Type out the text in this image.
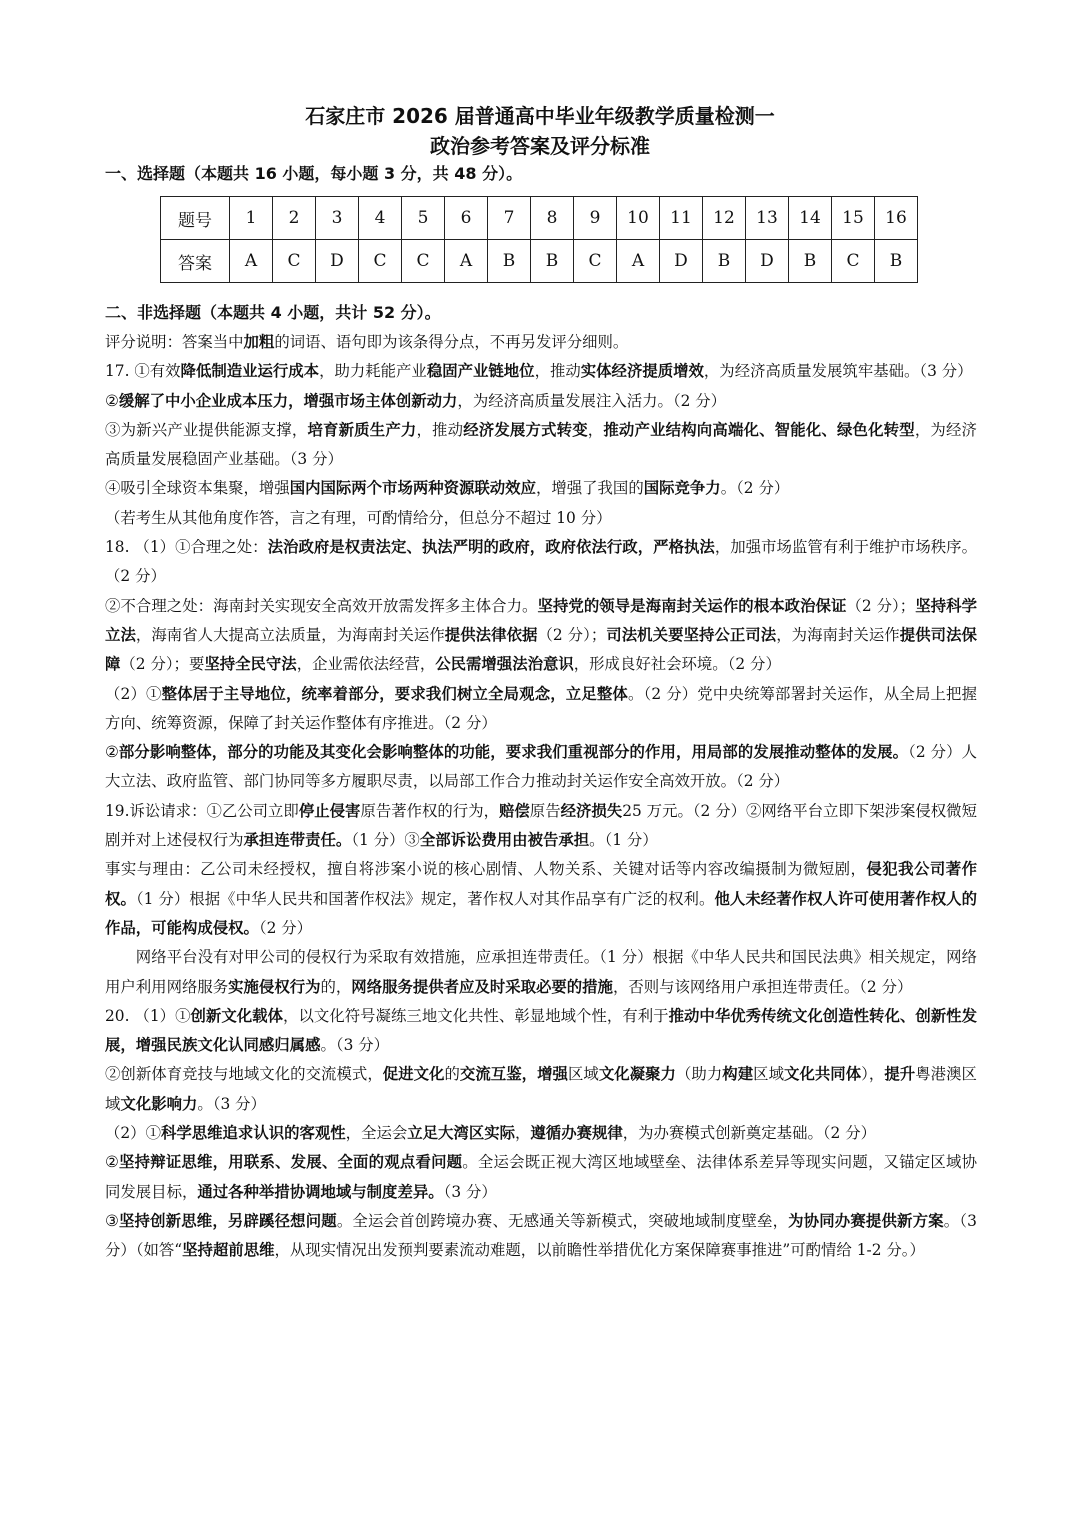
石家庄市 2026 届普通高中毕业年级教学质量检测一
政治参考答案及评分标准
一、选择题（本题共 16 小题，每小题 3 分，共 48 分）。
题号	1	2	3	4	5	6	7	8	9	10	11	12	13	14	15	16
答案	A	C	D	C	C	A	B	B	C	A	D	B	D	B	C	B
二、非选择题（本题共 4 小题，共计 52 分）。

评分说明：答案当中加粗的词语、语句即为该条得分点，不再另发评分细则。

17. ①有效降低制造业运行成本，助力耗能产业稳固产业链地位，推动实体经济提质增效，为经济高质量发展筑牢基础。（3 分）

②缓解了中小企业成本压力，增强市场主体创新动力，为经济高质量发展注入活力。（2 分）

③为新兴产业提供能源支撑，培育新质生产力，推动经济发展方式转变，推动产业结构向高端化、智能化、绿色化转型，为经济高质量发展稳固产业基础。（3 分）

④吸引全球资本集聚，增强国内国际两个市场两种资源联动效应，增强了我国的国际竞争力。（2 分）

（若考生从其他角度作答，言之有理，可酌情给分，但总分不超过 10 分）

18. （1）①合理之处：法治政府是权责法定、执法严明的政府，政府依法行政，严格执法，加强市场监管有利于维护市场秩序。（2 分）

②不合理之处：海南封关实现安全高效开放需发挥多主体合力。坚持党的领导是海南封关运作的根本政治保证（2 分）；坚持科学立法，海南省人大提高立法质量，为海南封关运作提供法律依据（2 分）；司法机关要坚持公正司法，为海南封关运作提供司法保障（2 分）；要坚持全民守法，企业需依法经营，公民需增强法治意识，形成良好社会环境。（2 分）

（2）①整体居于主导地位，统率着部分，要求我们树立全局观念，立足整体。（2 分）党中央统筹部署封关运作，从全局上把握方向、统筹资源，保障了封关运作整体有序推进。（2 分）

②部分影响整体，部分的功能及其变化会影响整体的功能，要求我们重视部分的作用，用局部的发展推动整体的发展。（2 分）人大立法、政府监管、部门协同等多方履职尽责，以局部工作合力推动封关运作安全高效开放。（2 分）

19.诉讼请求：①乙公司立即停止侵害原告著作权的行为，赔偿原告经济损失25 万元。（2 分）②网络平台立即下架涉案侵权微短剧并对上述侵权行为承担连带责任。（1 分）③全部诉讼费用由被告承担。（1 分）

事实与理由：乙公司未经授权，擅自将涉案小说的核心剧情、人物关系、关键对话等内容改编摄制为微短剧，侵犯我公司著作权。（1 分）根据《中华人民共和国著作权法》规定，著作权人对其作品享有广泛的权利。他人未经著作权人许可使用著作权人的作品，可能构成侵权。（2 分）

网络平台没有对甲公司的侵权行为采取有效措施，应承担连带责任。（1 分）根据《中华人民共和国民法典》相关规定，网络用户利用网络服务实施侵权行为的，网络服务提供者应及时采取必要的措施，否则与该网络用户承担连带责任。（2 分）

20. （1）①创新文化载体，以文化符号凝练三地文化共性、彰显地域个性，有利于推动中华优秀传统文化创造性转化、创新性发展，增强民族文化认同感归属感。（3 分）

②创新体育竞技与地域文化的交流模式，促进文化的交流互鉴，增强区域文化凝聚力（助力构建区域文化共同体），提升粤港澳区域文化影响力。（3 分）

（2）①科学思维追求认识的客观性，全运会立足大湾区实际，遵循办赛规律，为办赛模式创新奠定基础。（2 分）

②坚持辩证思维，用联系、发展、全面的观点看问题。全运会既正视大湾区地域壁垒、法律体系差异等现实问题，又锚定区域协同发展目标，通过各种举措协调地域与制度差异。（3 分）

③坚持创新思维，另辟蹊径想问题。全运会首创跨境办赛、无感通关等新模式，突破地域制度壁垒，为协同办赛提供新方案。（3 分）（如答“坚持超前思维，从现实情况出发预判要素流动难题，以前瞻性举措优化方案保障赛事推进”可酌情给 1-2 分。）
